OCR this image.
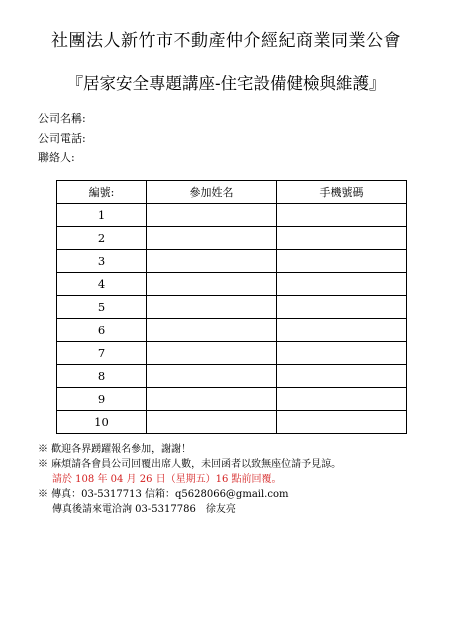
社團法人新竹市不動產仲介經紀商業同業公會
『居家安全專題講座-住宅設備健檢與維護』
公司名稱:
公司電話:
聯絡人:
編號:	參加姓名	手機號碼
1		
2		
3		
4		
5		
6		
7		
8		
9		
10		
※ 歡迎各界踴躍報名參加，謝謝！
※ 麻煩請各會員公司回覆出席人數，未回函者以致無座位請予見諒。
請於 108 年 04 月 26 日（星期五）16 點前回覆。
※ 傳真：03-5317713 信箱：q5628066@gmail.com
傳真後請來電洽詢 03-5317786　徐友亮
